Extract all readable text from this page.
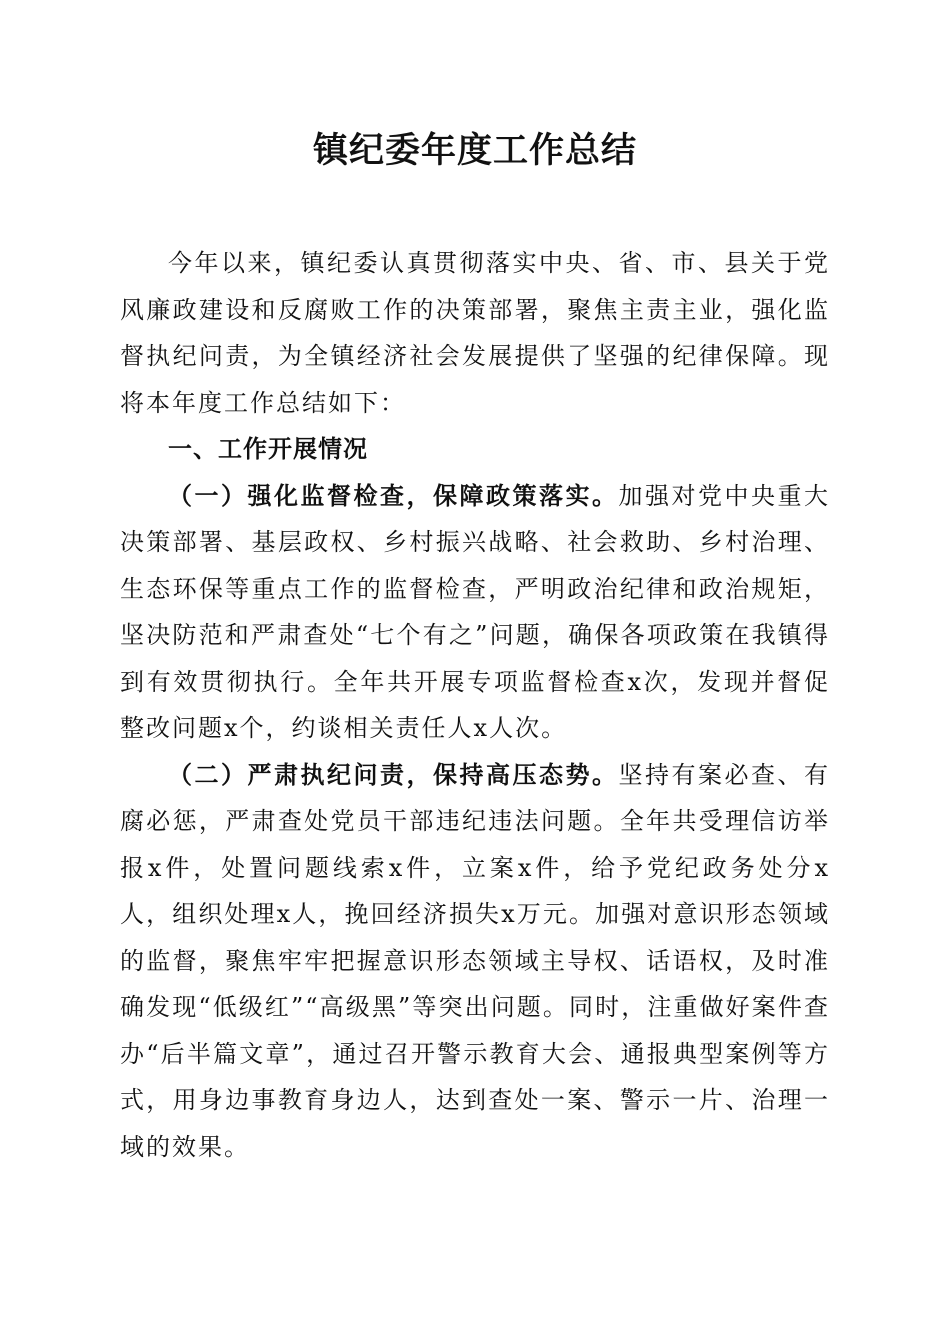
镇纪委年度工作总结

今年以来，镇纪委认真贯彻落实中央、省、市、县关于党风廉政建设和反腐败工作的决策部署，聚焦主责主业，强化监督执纪问责，为全镇经济社会发展提供了坚强的纪律保障。现将本年度工作总结如下：

一、工作开展情况

（一）强化监督检查，保障政策落实。加强对党中央重大决策部署、基层政权、乡村振兴战略、社会救助、乡村治理、生态环保等重点工作的监督检查，严明政治纪律和政治规矩，坚决防范和严肃查处“七个有之”问题，确保各项政策在我镇得到有效贯彻执行。全年共开展专项监督检查x次，发现并督促整改问题x个，约谈相关责任人x人次。

（二）严肃执纪问责，保持高压态势。坚持有案必查、有腐必惩，严肃查处党员干部违纪违法问题。全年共受理信访举报x件，处置问题线索x件，立案x件，给予党纪政务处分x人，组织处理x人，挽回经济损失x万元。加强对意识形态领域的监督，聚焦牢牢把握意识形态领域主导权、话语权，及时准确发现“低级红”“高级黑”等突出问题。同时，注重做好案件查办“后半篇文章”，通过召开警示教育大会、通报典型案例等方式，用身边事教育身边人，达到查处一案、警示一片、治理一域的效果。
